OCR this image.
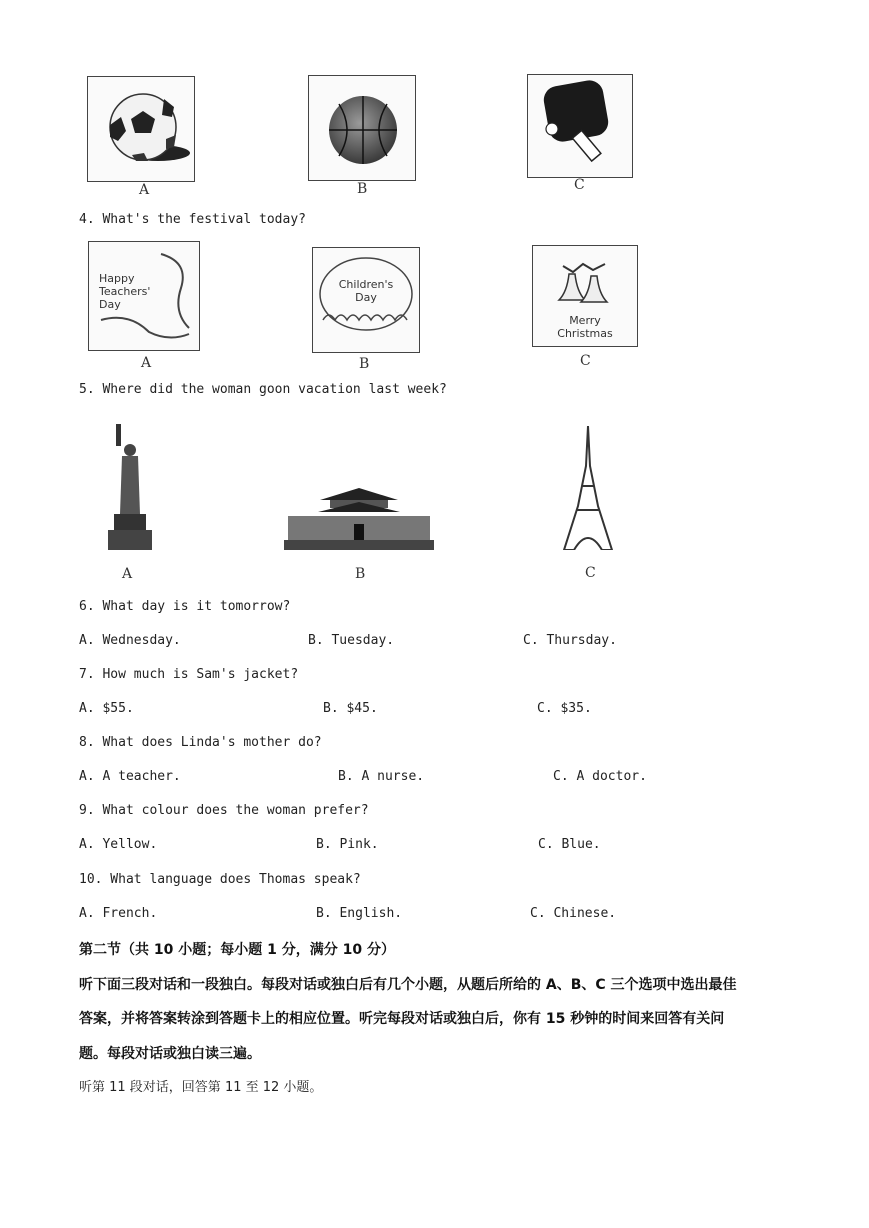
A	B	C
4. What's the festival today?
Happy Teachers' Day
A
Children's Day
B
Merry Christmas
C
5. Where did the woman goon vacation last week?
A	B	C
6. What day is it tomorrow?
A. Wednesday.	B. Tuesday.	C. Thursday.
7. How much is Sam's jacket?
A. $55.	B. $45.	C. $35.
8. What does Linda's mother do?
A. A teacher.	B. A nurse.	C. A doctor.
9. What colour does the woman prefer?
A. Yellow.	B. Pink.	C. Blue.
10. What language does Thomas speak?
A. French.	B. English.	C. Chinese.
第二节（共 10 小题；每小题 1 分，满分 10 分）
听下面三段对话和一段独白。每段对话或独白后有几个小题，从题后所给的 A、B、C 三个选项中选出最佳
答案，并将答案转涂到答题卡上的相应位置。听完每段对话或独白后，你有 15 秒钟的时间来回答有关问
题。每段对话或独白读三遍。
听第 11 段对话，回答第 11 至 12 小题。
